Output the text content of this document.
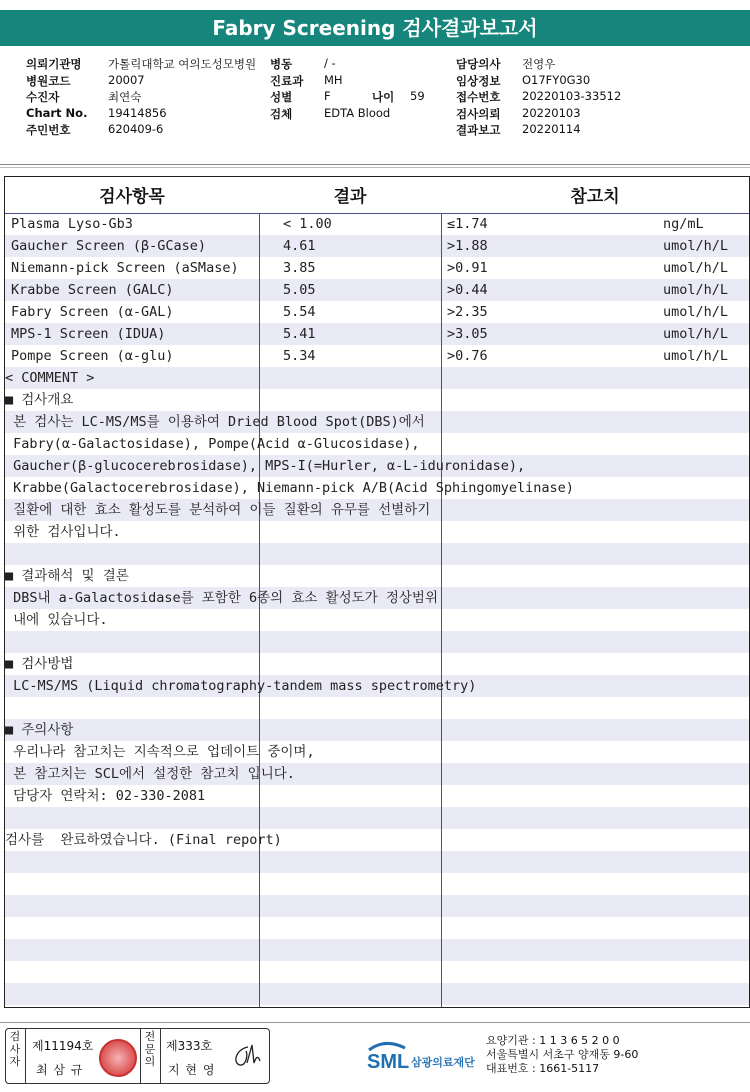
Fabry Screening 검사결과보고서
의뢰기관명 가톨릭대학교 여의도성모병원 병동	/ -	담당의사 전영우
병원코드	20007	진료과 MH	임상정보 O17FY0G30
수진자	최연숙	성별	F	나이 59	접수번호 20220103-33512
Chart No. 19414856	검체	EDTA Blood	검사의뢰 20220103
주민번호	620409-6	결과보고 20220114
검사항목	결과	참고치
Plasma Lyso-Gb3	< 1.00	≤1.74	ng/mL
Gaucher Screen (β-GCase)	4.61	>1.88	umol/h/L
Niemann-pick Screen (aSMase)	3.85	>0.91	umol/h/L
Krabbe Screen (GALC)	5.05	>0.44	umol/h/L
Fabry Screen (α-GAL)	5.54	>2.35	umol/h/L
MPS-1 Screen (IDUA)	5.41	>3.05	umol/h/L
Pompe Screen (α-glu)	5.34	>0.76	umol/h/L
< COMMENT >
■ 검사개요
본 검사는 LC-MS/MS를 이용하여 Dried Blood Spot(DBS)에서
Fabry(α-Galactosidase), Pompe(Acid α-Glucosidase),
Gaucher(β-glucocerebrosidase), MPS-I(=Hurler, α-L-iduronidase),
Krabbe(Galactocerebrosidase), Niemann-pick A/B(Acid Sphingomyelinase)
질환에 대한 효소 활성도를 분석하여 이들 질환의 유무를 선별하기
위한 검사입니다.
■ 결과해석 및 결론
DBS내 a-Galactosidase를 포함한 6종의 효소 활성도가 정상범위
내에 있습니다.
■ 검사방법
LC-MS/MS (Liquid chromatography-tandem mass spectrometry)
■ 주의사항
우리나라 참고치는 지속적으로 업데이트 중이며,
본 참고치는 SCL에서 설정한 참고치 입니다.
담당자 연락처: 02-330-2081
검사를  완료하였습니다. (Final report)
검사자
제11194호
최 삼 규
전문의
제333호
지 현 영	SML 삼광의료재단
요양기관 : 1 1 3 6 5 2 0 0
서울특별시 서초구 양재동 9-60
대표번호 : 1661-5117
